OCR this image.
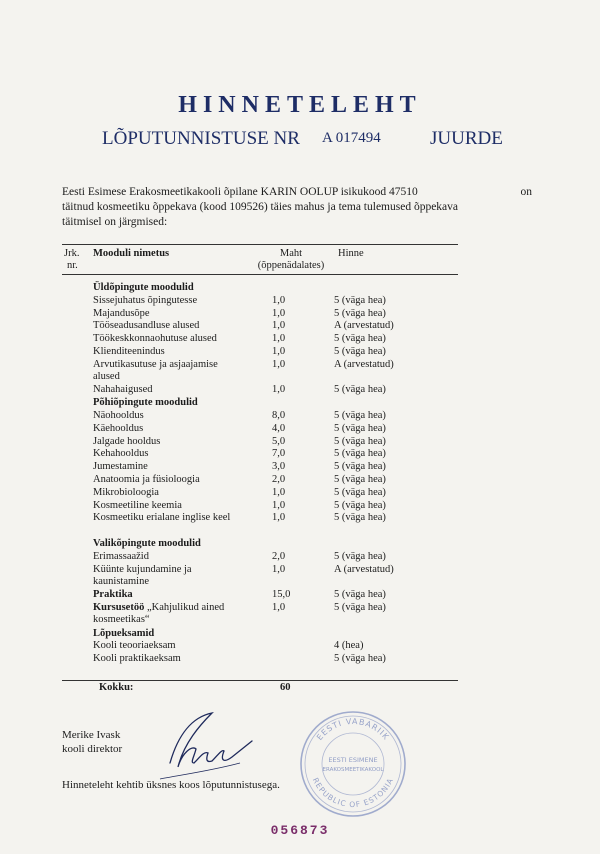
HINNETELEHT
LÕPUTUNNISTUSE NR A 017494	JUURDE
Eesti Esimese Erakosmeetikakooli õpilane KARIN OOLUP isikukood 47510	on
täitnud kosmeetiku õppekava (kood 109526) täies mahus ja tema tulemused õppekava
täitmisel on järgmised:
Jrk.
nr.
Mooduli nimetus	Maht
(õppenädalates)
Hinne
Üldõpingute moodulid
Sissejuhatus õpingutesse	1,0	5 (väga hea)
Majandusõpe	1,0	5 (väga hea)
Tööseadusandluse alused	1,0	A (arvestatud)
Töökeskkonnaohutuse alused	1,0	5 (väga hea)
Klienditeenindus	1,0	5 (väga hea)
Arvutikasutuse ja asjaajamise alused
1,0	A (arvestatud)
Nahahaigused	1,0	5 (väga hea)
Põhiõpingute moodulid
Näohooldus	8,0	5 (väga hea)
Käehooldus	4,0	5 (väga hea)
Jalgade hooldus	5,0	5 (väga hea)
Kehahooldus	7,0	5 (väga hea)
Jumestamine	3,0	5 (väga hea)
Anatoomia ja füsioloogia	2,0	5 (väga hea)
Mikrobioloogia	1,0	5 (väga hea)
Kosmeetiline keemia	1,0	5 (väga hea)
Kosmeetiku erialane inglise keel	1,0	5 (väga hea)
Valikõpingute moodulid
Erimassaažid	2,0	5 (väga hea)
Küünte kujundamine ja kaunistamine
1,0	A (arvestatud)
Praktika	15,0	5 (väga hea)
Kursusetöö „Kahjulikud ained kosmeetikas“
1,0	5 (väga hea)
Lõpueksamid
Kooli teooriaeksam	4 (hea)
Kooli praktikaeksam	5 (väga hea)
Kokku:	60
Merike Ivask
kooli direktor
EESTI VABARIIK
REPUBLIC OF ESTONIA
EESTI ESIMENE
ERAKOSMEETIKAKOOL
Hinneteleht kehtib üksnes koos lõputunnistusega.
056873
